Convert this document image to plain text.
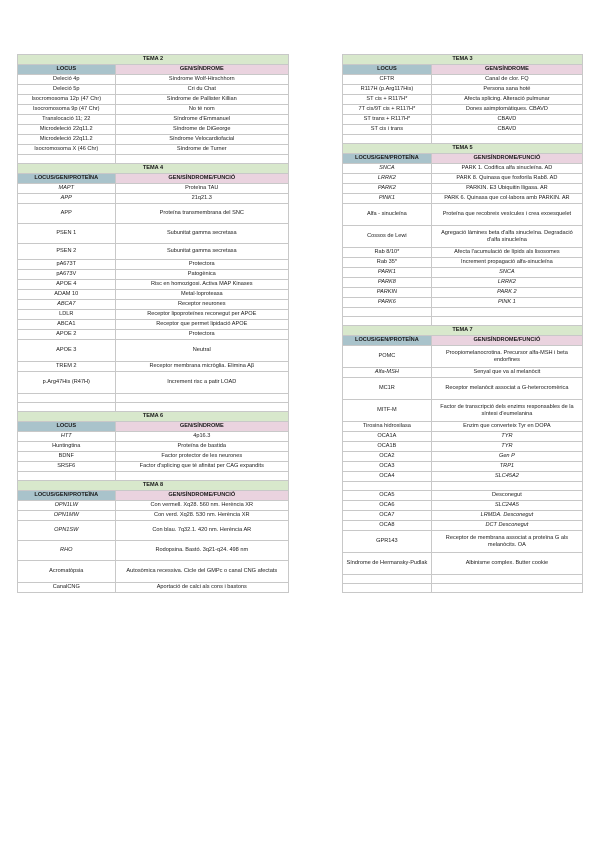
TEMA 2	
LOCUS	GEN/SÍNDROME
Deleció 4p	Síndrome Wolf-Hirschhorn
Deleció 5p	Cri du Chat
Isocromosoma 12p (47 Chr)	Síndrome de Pallister Killian
Isocromosoma 9p (47 Chr)	No té nom
Translocació 11; 22	Síndrome d'Emmanuel
Microdeleció 22q11.2	Síndrome de DiGeorge
Microdeleció 22q11.2	Síndrome Velocardiofacial
Isocromosoma X (46 Chr)	Síndrome de Turner

TEMA 4	
LOCUS/GEN/PROTEÏNA	GEN/SÍNDROME/FUNCIÓ
MAPT	Proteïna TAU
APP	21q21.3
APP	Proteïna transmembrana del SNC
PSEN 1	Subunitat gamma secretasa
PSEN 2	Subunitat gamma secretasa
pA673T	Protectora
pA673V	Patogènica
APOE 4	Risc en homozigosi. Activa MAP Kinases
ADAM 10	Metal·loproteasa
ABCA7	Receptor neurones
LDLR	Receptor lipoproteïnes reconegut per APOE
ABCA1	Receptor que permet lipidació APOE
APOE 2	Protectora
APOE 3	Neutral
TREM 2	Receptor membrana micròglia. Elimina Aβ
p.Arg47His (R47H)	Increment risc a patir LOAD

TEMA 6	
LOCUS	GEN/SÍNDROME
HTT	4p16.3
Huntingtina	Proteïna de bastida
BDNF	Factor protector de les neurones
SRSF6	Factor d'splicing que té afinitat per CAG expandits

TEMA 8	
LOCUS/GEN/PROTEÏNA	GEN/SÍNDROME/FUNCIÓ
OPN1LW	Con vermell. Xq28. 560 nm. Herència XR
OPN1MW	Con verd. Xq28. 530 nm. Herència XR
OPN1SW	Con blau. 7q32.1. 420 nm. Herència AR
RHO	Rodopsina. Bastó. 3q21-q24. 498 nm
Acromatòpsia	Autosòmica recessiva. Cicle del GMPc o canal CNG afectats
CanalCNG	Aportació de calci als cons i bastons
TEMA 3	
LOCUS	GEN/SÍNDROME
CFTR	Canal de clor. FQ
R117H (p.Arg117His)	Persona sana hoté
ST cis + R117H*	Afecta splicing. Alteració pulmunar
7T cis/9T cis + R117H*	Dones asimptomàtiques. CBAVD
ST trans + R117H*	CBAVD
ST cis i trans	CBAVD

TEMA 5	
LOCUS/GEN/PROTEÏNA	GEN/SÍNDROME/FUNCIÓ
SNCA	PARK 1. Codifica alfa sinucleïna. AD
LRRK2	PARK 8. Quinasa que fosforila Rab8. AD
PARK2	PARKIN. E3 Ubiquitin lligasa. AR
PINK1	PARK 6. Quinasa que col·labora amb PARKIN. AR
Alfa - sinucleïna	Proteïna que recobreix vesícules i crea exoesquelet
Cossos de Lewi	Agregació làmines beta d'alfa sinucleïna. Degradació d'alfa sinucleïna
Rab 8/10*	Afecta l'acumulació de lípids als lisosomes
Rab 35*	Increment propagació alfa-sinucleïna
PARK1	SNCA
PARK8	LRRK2
PARKIN	PARK 2
PARK6	PINK 1

TEMA 7	
LOCUS/GEN/PROTEÏNA	GEN/SÍNDROME/FUNCIÓ
POMC	Proopiomelanocrotina. Precursor alfa-MSH i beta endorfines
Alfa-MSH	Senyal que va al melanòcit
MC1R	Receptor melanòcit associat a G-heterocromèrica
MITF-M	Factor de transcripció dels enzims responsables de la síntesi d'eumelanina
Tirosina hidroxilasa	Enzim que converteix Tyr en DOPA
OCA1A	TYR
OCA1B	TYR
OCA2	Gen P
OCA3	TRP1
OCA4	SLC45A2

OCA5	Desconegut
OCA6	SLC24A5
OCA7	LRMDA. Desconegut
OCA8	DCT Desconegut
GPR143	Receptor de membrana associat a proteïna G als melanòcits. OA
Síndrome de Hermansky-Pudlak	Albinisme complex. Butter cookie
